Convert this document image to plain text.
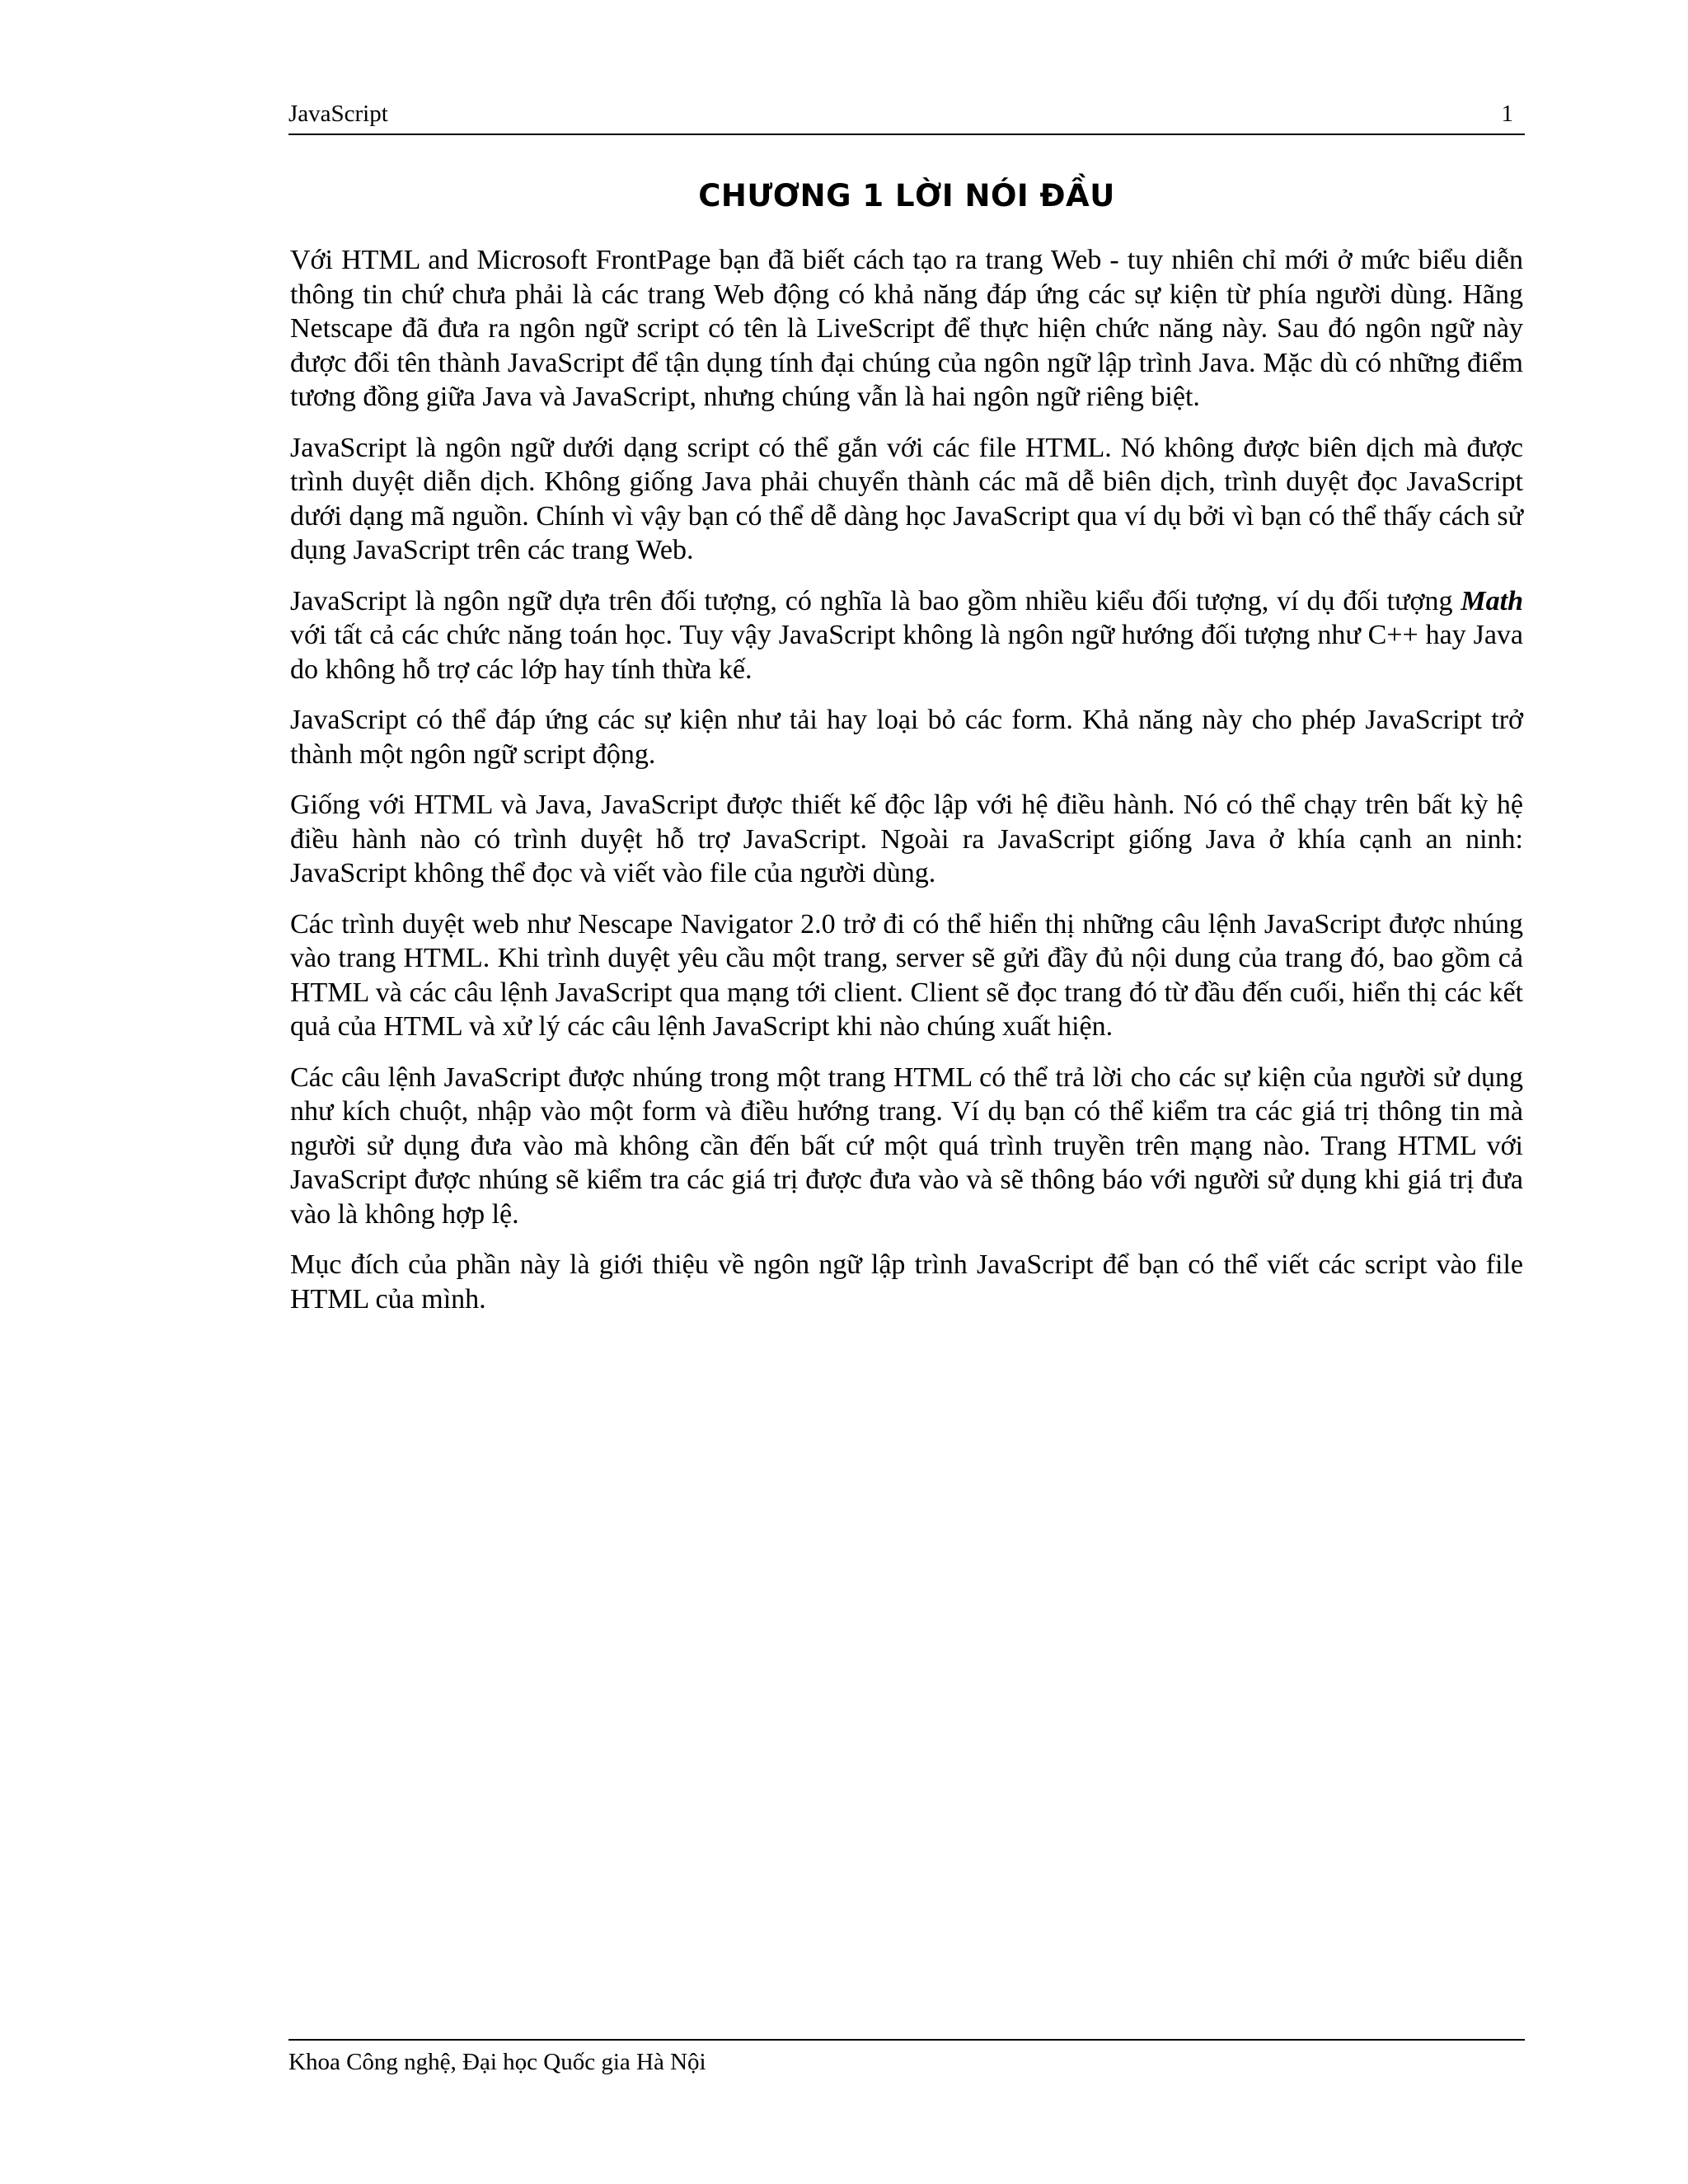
JavaScript	1
CHƯƠNG 1 LỜI NÓI ĐẦU

Với HTML and Microsoft FrontPage bạn đã biết cách tạo ra trang Web - tuy nhiên chỉ mới ở mức biểu diễn thông tin chứ chưa phải là các trang Web động có khả năng đáp ứng các sự kiện từ phía người dùng. Hãng Netscape đã đưa ra ngôn ngữ script có tên là LiveScript để thực hiện chức năng này. Sau đó ngôn ngữ này được đổi tên thành JavaScript để tận dụng tính đại chúng của ngôn ngữ lập trình Java. Mặc dù có những điểm tương đồng giữa Java và JavaScript, nhưng chúng vẫn là hai ngôn ngữ riêng biệt.

JavaScript là ngôn ngữ dưới dạng script có thể gắn với các file HTML. Nó không được biên dịch mà được trình duyệt diễn dịch. Không giống Java phải chuyển thành các mã dễ biên dịch, trình duyệt đọc JavaScript dưới dạng mã nguồn. Chính vì vậy bạn có thể dễ dàng học JavaScript qua ví dụ bởi vì bạn có thể thấy cách sử dụng JavaScript trên các trang Web.

JavaScript là ngôn ngữ dựa trên đối tượng, có nghĩa là bao gồm nhiều kiểu đối tượng, ví dụ đối tượng Math với tất cả các chức năng toán học. Tuy vậy JavaScript không là ngôn ngữ hướng đối tượng như C++ hay Java do không hỗ trợ các lớp hay tính thừa kế.

JavaScript có thể đáp ứng các sự kiện như tải hay loại bỏ các form. Khả năng này cho phép JavaScript trở thành một ngôn ngữ script động.

Giống với HTML và Java, JavaScript được thiết kế độc lập với hệ điều hành. Nó có thể chạy trên bất kỳ hệ điều hành nào có trình duyệt hỗ trợ JavaScript. Ngoài ra JavaScript giống Java ở khía cạnh an ninh: JavaScript không thể đọc và viết vào file của người dùng.

Các trình duyệt web như Nescape Navigator 2.0 trở đi có thể hiển thị những câu lệnh JavaScript được nhúng vào trang HTML. Khi trình duyệt yêu cầu một trang, server sẽ gửi đầy đủ nội dung của trang đó, bao gồm cả HTML và các câu lệnh JavaScript qua mạng tới client. Client sẽ đọc trang đó từ đầu đến cuối, hiển thị các kết quả của HTML và xử lý các câu lệnh JavaScript khi nào chúng xuất hiện.

Các câu lệnh JavaScript được nhúng trong một trang HTML có thể trả lời cho các sự kiện của người sử dụng như kích chuột, nhập vào một form và điều hướng trang. Ví dụ bạn có thể kiểm tra các giá trị thông tin mà người sử dụng đưa vào mà không cần đến bất cứ một quá trình truyền trên mạng nào. Trang HTML với JavaScript được nhúng sẽ kiểm tra các giá trị được đưa vào và sẽ thông báo với người sử dụng khi giá trị đưa vào là không hợp lệ.

Mục đích của phần này là giới thiệu về ngôn ngữ lập trình JavaScript để bạn có thể viết các script vào file HTML của mình.

Khoa Công nghệ, Đại học Quốc gia Hà Nội
